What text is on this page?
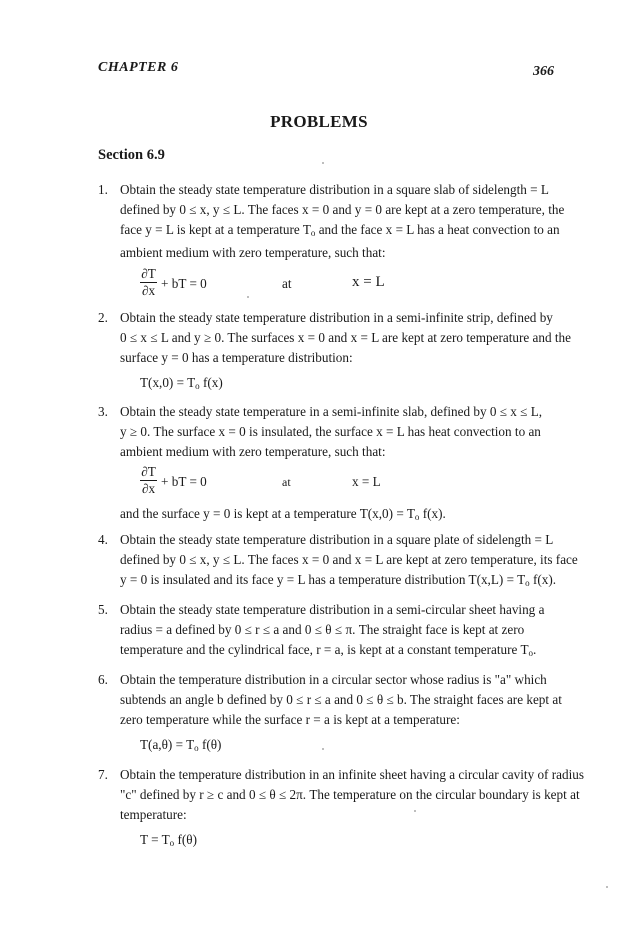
CHAPTER 6	366
PROBLEMS
Section 6.9
1. Obtain the steady state temperature distribution in a square slab of sidelength = L
defined by 0 ≤ x, y ≤ L. The faces x = 0 and y = 0 are kept at a zero temperature, the
face y = L is kept at a temperature $T_o$ and the face x = L has a heat convection to an
ambient medium with zero temperature, such that:
∂T
∂x + bT = 0	at	x = L
2. Obtain the steady state temperature distribution in a semi-infinite strip, defined by
0 ≤ x ≤ L and y ≥ 0. The surfaces x = 0 and x = L are kept at zero temperature and the
surface y = 0 has a temperature distribution:
$T(x,0) = T_o$ f(x)
3. Obtain the steady state temperature in a semi-infinite slab, defined by 0 ≤ x ≤ L,
y ≥ 0. The surface x = 0 is insulated, the surface x = L has heat convection to an
ambient medium with zero temperature, such that:
∂T
∂x + bT = 0	at	x = L
and the surface y = 0 is kept at a temperature $T(x,0) = T_o$ f(x).
4. Obtain the steady state temperature distribution in a square plate of sidelength = L
defined by 0 ≤ x, y ≤ L. The faces x = 0 and x = L are kept at zero temperature, its face
y = 0 is insulated and its face y = L has a temperature distribution $T(x,L) = T_o$ f(x).
5. Obtain the steady state temperature distribution in a semi-circular sheet having a
radius = a defined by 0 ≤ r ≤ a and 0 ≤ θ ≤ π. The straight face is kept at zero
temperature and the cylindrical face, r = a, is kept at a constant temperature $T_o$.
6. Obtain the temperature distribution in a circular sector whose radius is "a" which
subtends an angle b defined by 0 ≤ r ≤ a and 0 ≤ θ ≤ b. The straight faces are kept at
zero temperature while the surface r = a is kept at a temperature:
$T(a,\theta) = T_o$ f(θ)
7. Obtain the temperature distribution in an infinite sheet having a circular cavity of radius
"c" defined by r ≥ c and 0 ≤ θ ≤ 2π. The temperature on the circular boundary is kept at
temperature:
$T = T_o$ f(θ)
